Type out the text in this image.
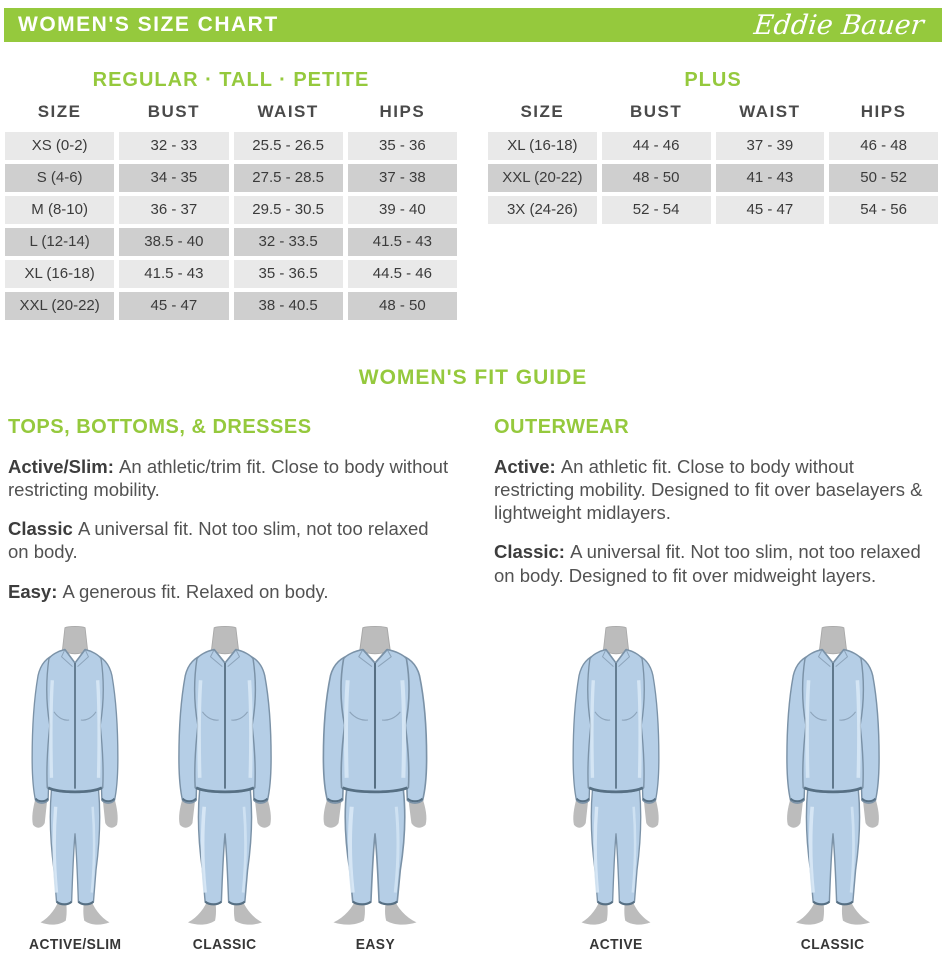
WOMEN'S SIZE CHART	Eddie Bauer
REGULAR · TALL · PETITE
SIZE	BUST	WAIST	HIPS
XS (0-2)	32 - 33	25.5 - 26.5	35 - 36
S (4-6)	34 - 35	27.5 - 28.5	37 - 38
M (8-10)	36 - 37	29.5 - 30.5	39 - 40
L (12-14)	38.5 - 40	32 - 33.5	41.5 - 43
XL (16-18)	41.5 - 43	35 - 36.5	44.5 - 46
XXL (20-22)	45 - 47	38 - 40.5	48 - 50
PLUS
SIZE	BUST	WAIST	HIPS
XL (16-18)	44 - 46	37 - 39	46 - 48
XXL (20-22)	48 - 50	41 - 43	50 - 52
3X (24-26)	52 - 54	45 - 47	54 - 56
WOMEN'S FIT GUIDE
TOPS, BOTTOMS, & DRESSES

Active/Slim: An athletic/trim fit. Close to body without restricting mobility.

Classic A universal fit. Not too slim, not too relaxed on body.

Easy: A generous fit. Relaxed on body.

OUTERWEAR

Active: An athletic fit. Close to body without restricting mobility. Designed to fit over baselayers & lightweight midlayers.

Classic: A universal fit. Not too slim, not too relaxed on body. Designed to fit over midweight layers.

ACTIVE/SLIM	CLASSIC	EASY	ACTIVE	CLASSIC
